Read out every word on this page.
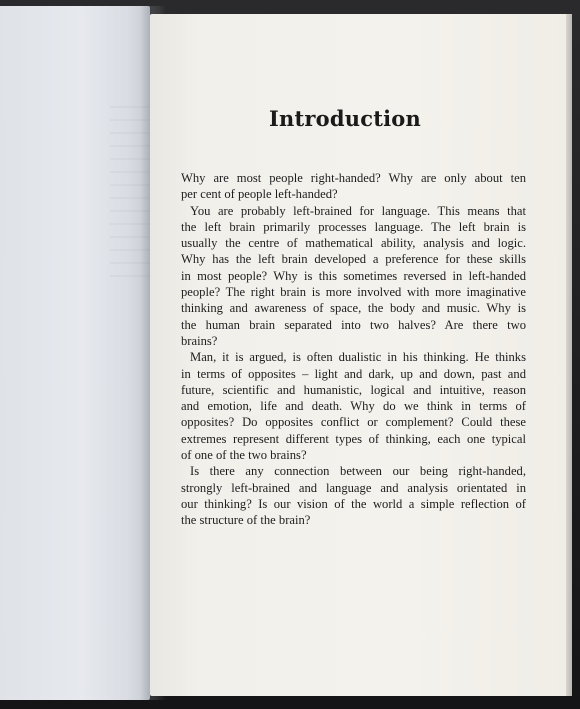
Introduction

Why are most people right-handed? Why are only about ten
per cent of people left-handed?

You are probably left-brained for language. This means that
the left brain primarily processes language. The left brain is
usually the centre of mathematical ability, analysis and logic.
Why has the left brain developed a preference for these skills
in most people? Why is this sometimes reversed in left-handed
people? The right brain is more involved with more imaginative
thinking and awareness of space, the body and music. Why is
the human brain separated into two halves? Are there two
brains?

Man, it is argued, is often dualistic in his thinking. He thinks
in terms of opposites – light and dark, up and down, past and
future, scientific and humanistic, logical and intuitive, reason
and emotion, life and death. Why do we think in terms of
opposites? Do opposites conflict or complement? Could these
extremes represent different types of thinking, each one typical
of one of the two brains?

Is there any connection between our being right-handed,
strongly left-brained and language and analysis orientated in
our thinking? Is our vision of the world a simple reflection of
the structure of the brain?
